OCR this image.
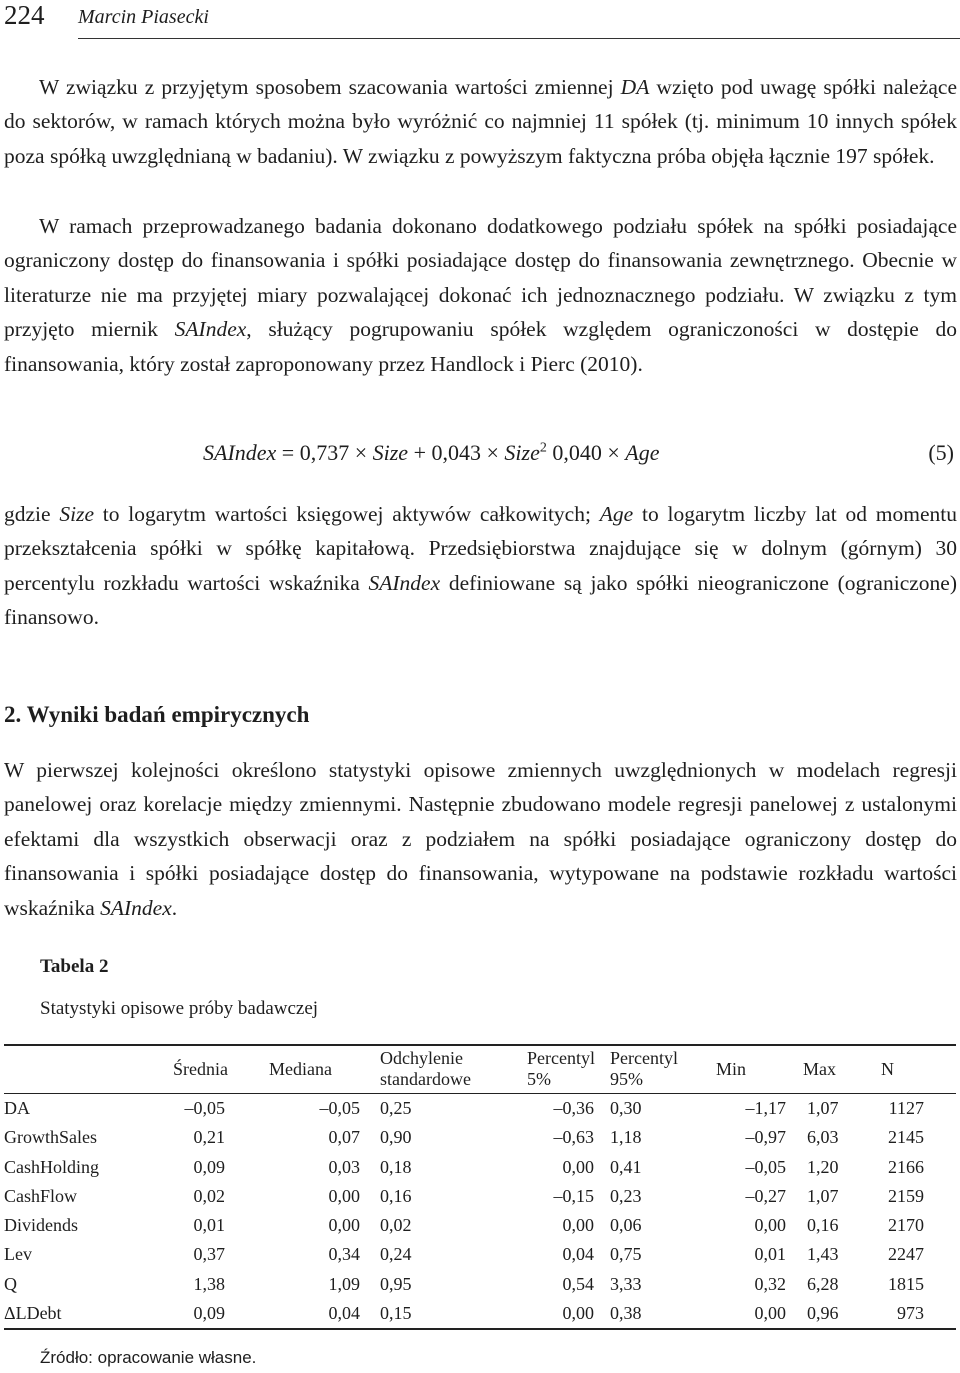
224 Marcin Piasecki

W związku z przyjętym sposobem szacowania wartości zmiennej DA wzięto pod uwagę spółki należące do sektorów, w ramach których można było wyróżnić co najmniej 11 spółek (tj. minimum 10 innych spółek poza spółką uwzględnianą w badaniu). W związku z powyższym faktyczna próba objęła łącznie 197 spółek.

W ramach przeprowadzanego badania dokonano dodatkowego podziału spółek na spółki posiadające ograniczony dostęp do finansowania i spółki posiadające dostęp do finansowania zewnętrznego. Obecnie w literaturze nie ma przyjętej miary pozwalającej dokonać ich jednoznacznego podziału. W związku z tym przyjęto miernik SAIndex, służący pogrupowaniu spółek względem ograniczoności w dostępie do finansowania, który został zaproponowany przez Handlock i Pierc (2010).

SAIndex = 0,737 × Size + 0,043 × Size$^2$ 0,040 × Age	(5)

gdzie Size to logarytm wartości księgowej aktywów całkowitych; Age to logarytm liczby lat od momentu przekształcenia spółki w spółkę kapitałową. Przedsiębiorstwa znajdujące się w dolnym (górnym) 30 percentylu rozkładu wartości wskaźnika SAIndex definiowane są jako spółki nieograniczone (ograniczone) finansowo.

2. Wyniki badań empirycznych

W pierwszej kolejności określono statystyki opisowe zmiennych uwzględnionych w modelach regresji panelowej oraz korelacje między zmiennymi. Następnie zbudowano modele regresji panelowej z ustalonymi efektami dla wszystkich obserwacji oraz z podziałem na spółki posiadające ograniczony dostęp do finansowania i spółki posiadające dostęp do finansowania, wytypowane na podstawie rozkładu wartości wskaźnika SAIndex.

Tabela 2
Statystyki opisowe próby badawczej
	Średnia	Mediana	Odchylenie standardowe	Percentyl 5%	Percentyl 95%	Min	Max	N
DA	–0,05	–0,05	0,25	–0,36	0,30	–1,17	1,07	1127
GrowthSales	0,21	0,07	0,90	–0,63	1,18	–0,97	6,03	2145
CashHolding	0,09	0,03	0,18	0,00	0,41	–0,05	1,20	2166
CashFlow	0,02	0,00	0,16	–0,15	0,23	–0,27	1,07	2159
Dividends	0,01	0,00	0,02	0,00	0,06	0,00	0,16	2170
Lev	0,37	0,34	0,24	0,04	0,75	0,01	1,43	2247
Q	1,38	1,09	0,95	0,54	3,33	0,32	6,28	1815
ΔLDebt	0,09	0,04	0,15	0,00	0,38	0,00	0,96	973
Źródło: opracowanie własne.
